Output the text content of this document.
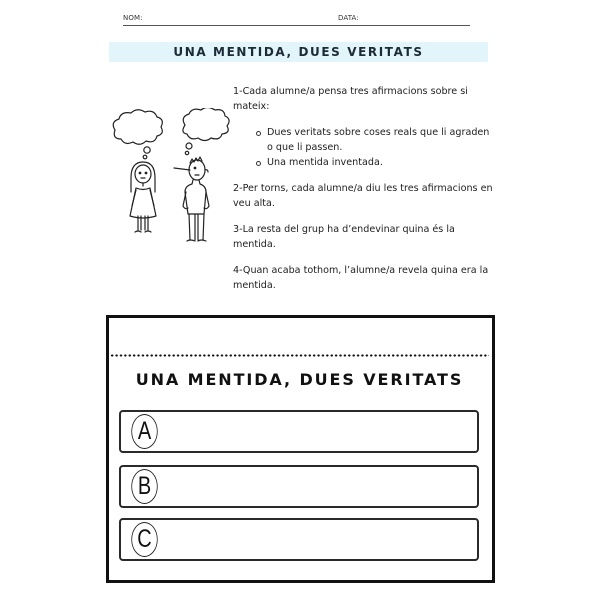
NOM:	DATA:
UNA MENTIDA, DUES VERITATS

1-Cada alumne/a pensa tres afirmacions sobre si mateix:

Dues veritats sobre coses reals que li agraden o que li passen.
Una mentida inventada.

2-Per torns, cada alumne/a diu les tres afirmacions en veu alta.

3-La resta del grup ha d’endevinar quina és la mentida.

4-Quan acaba tothom, l’alumne/a revela quina era la mentida.

UNA MENTIDA, DUES VERITATS
A
B
C
